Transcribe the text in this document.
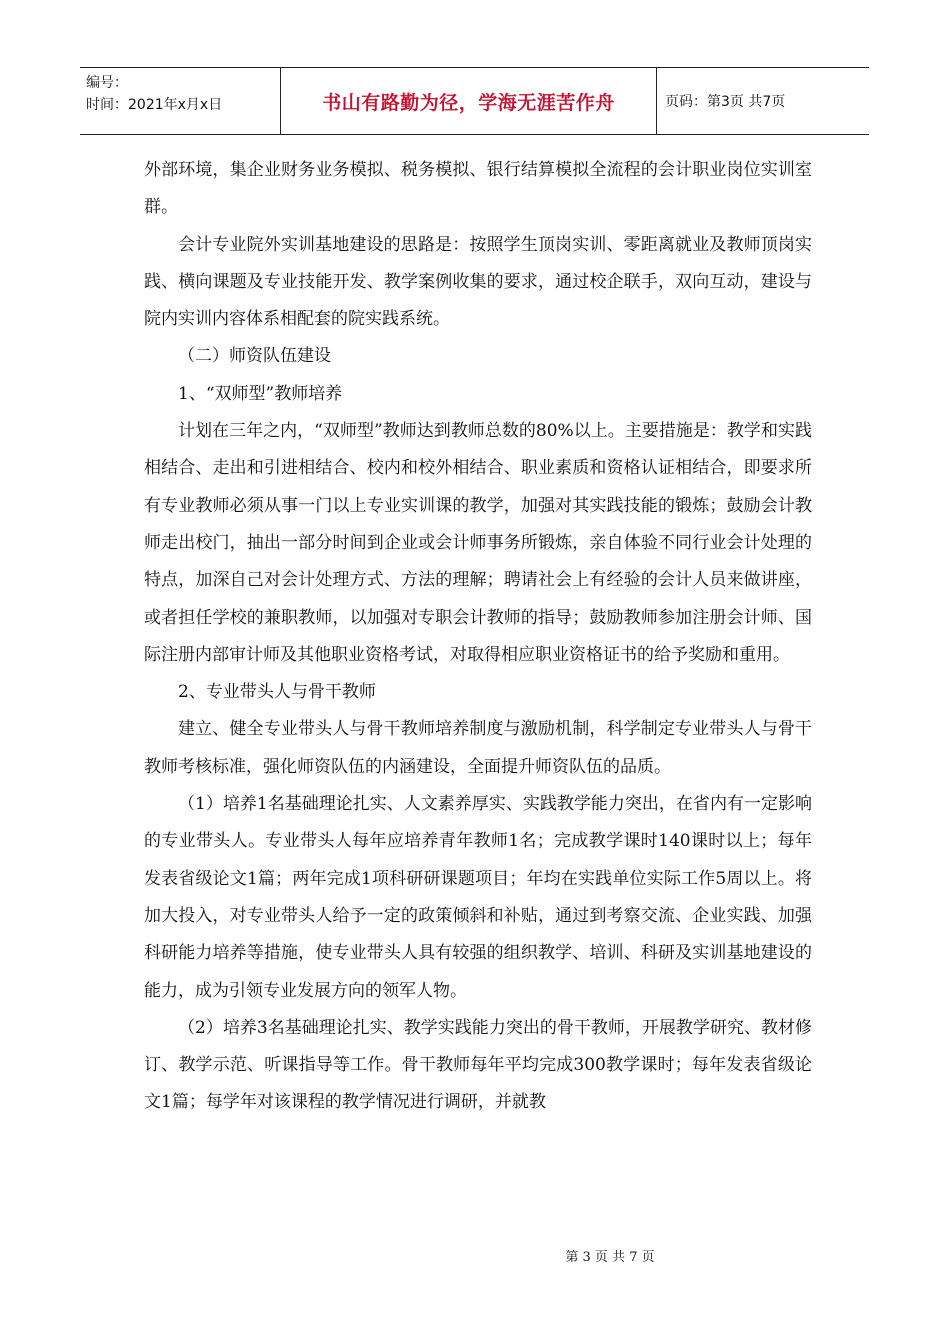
编号：
时间：2021年x月x日	书山有路勤为径，学海无涯苦作舟	页码：第3页 共7页

外部环境，集企业财务业务模拟、税务模拟、银行结算模拟全流程的会计职业岗位实训室群。

会计专业院外实训基地建设的思路是：按照学生顶岗实训、零距离就业及教师顶岗实践、横向课题及专业技能开发、教学案例收集的要求，通过校企联手，双向互动，建设与院内实训内容体系相配套的院实践系统。

（二）师资队伍建设

1、“双师型”教师培养

计划在三年之内，“双师型”教师达到教师总数的80%以上。主要措施是：教学和实践相结合、走出和引进相结合、校内和校外相结合、职业素质和资格认证相结合，即要求所有专业教师必须从事一门以上专业实训课的教学，加强对其实践技能的锻炼；鼓励会计教师走出校门，抽出一部分时间到企业或会计师事务所锻炼，亲自体验不同行业会计处理的特点，加深自己对会计处理方式、方法的理解；聘请社会上有经验的会计人员来做讲座，或者担任学校的兼职教师，以加强对专职会计教师的指导；鼓励教师参加注册会计师、国际注册内部审计师及其他职业资格考试，对取得相应职业资格证书的给予奖励和重用。

2、专业带头人与骨干教师

建立、健全专业带头人与骨干教师培养制度与激励机制，科学制定专业带头人与骨干教师考核标准，强化师资队伍的内涵建设，全面提升师资队伍的品质。

（1）培养1名基础理论扎实、人文素养厚实、实践教学能力突出，在省内有一定影响的专业带头人。专业带头人每年应培养青年教师1名；完成教学课时140课时以上；每年发表省级论文1篇；两年完成1项科研研课题项目；年均在实践单位实际工作5周以上。将加大投入，对专业带头人给予一定的政策倾斜和补贴，通过到考察交流、企业实践、加强科研能力培养等措施，使专业带头人具有较强的组织教学、培训、科研及实训基地建设的能力，成为引领专业发展方向的领军人物。

（2）培养3名基础理论扎实、教学实践能力突出的骨干教师，开展教学研究、教材修订、教学示范、听课指导等工作。骨干教师每年平均完成300教学课时；每年发表省级论文1篇；每学年对该课程的教学情况进行调研，并就教

第 3 页 共 7 页
